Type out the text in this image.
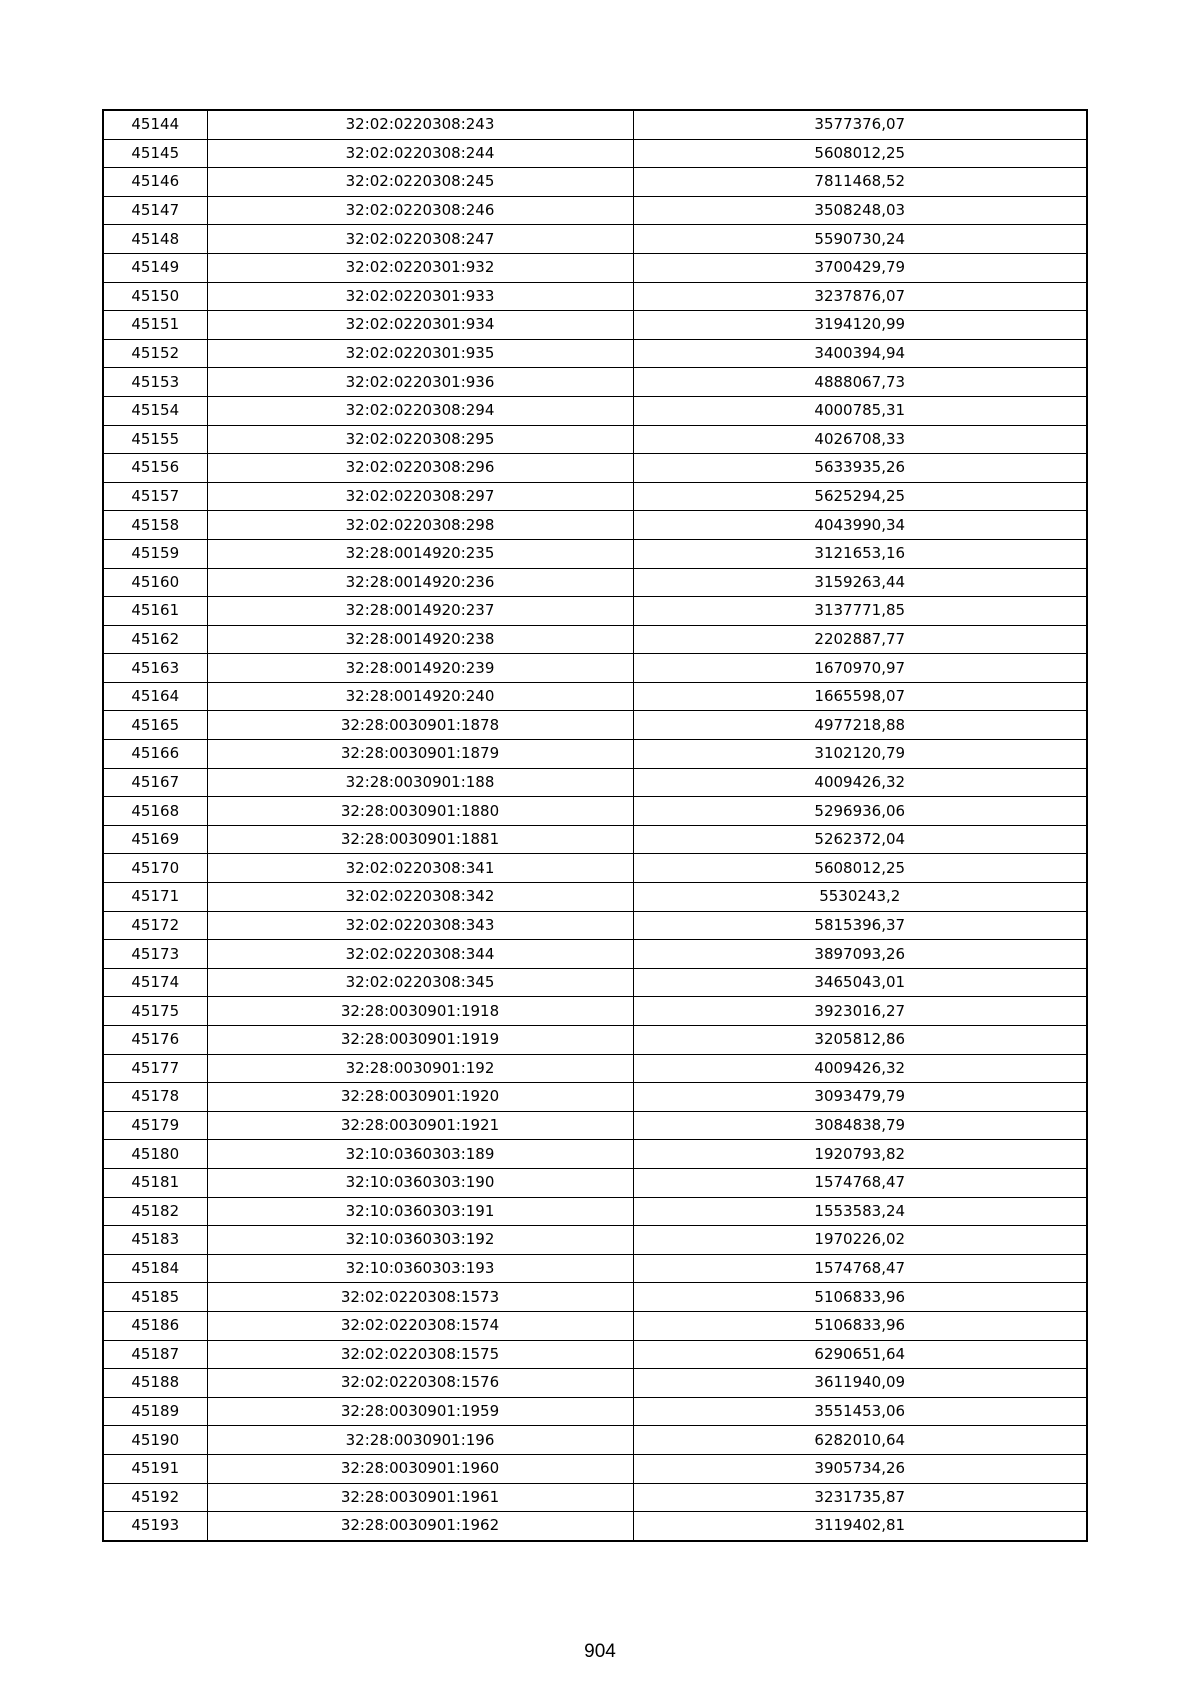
45144	32:02:0220308:243	3577376,07
45145	32:02:0220308:244	5608012,25
45146	32:02:0220308:245	7811468,52
45147	32:02:0220308:246	3508248,03
45148	32:02:0220308:247	5590730,24
45149	32:02:0220301:932	3700429,79
45150	32:02:0220301:933	3237876,07
45151	32:02:0220301:934	3194120,99
45152	32:02:0220301:935	3400394,94
45153	32:02:0220301:936	4888067,73
45154	32:02:0220308:294	4000785,31
45155	32:02:0220308:295	4026708,33
45156	32:02:0220308:296	5633935,26
45157	32:02:0220308:297	5625294,25
45158	32:02:0220308:298	4043990,34
45159	32:28:0014920:235	3121653,16
45160	32:28:0014920:236	3159263,44
45161	32:28:0014920:237	3137771,85
45162	32:28:0014920:238	2202887,77
45163	32:28:0014920:239	1670970,97
45164	32:28:0014920:240	1665598,07
45165	32:28:0030901:1878	4977218,88
45166	32:28:0030901:1879	3102120,79
45167	32:28:0030901:188	4009426,32
45168	32:28:0030901:1880	5296936,06
45169	32:28:0030901:1881	5262372,04
45170	32:02:0220308:341	5608012,25
45171	32:02:0220308:342	5530243,2
45172	32:02:0220308:343	5815396,37
45173	32:02:0220308:344	3897093,26
45174	32:02:0220308:345	3465043,01
45175	32:28:0030901:1918	3923016,27
45176	32:28:0030901:1919	3205812,86
45177	32:28:0030901:192	4009426,32
45178	32:28:0030901:1920	3093479,79
45179	32:28:0030901:1921	3084838,79
45180	32:10:0360303:189	1920793,82
45181	32:10:0360303:190	1574768,47
45182	32:10:0360303:191	1553583,24
45183	32:10:0360303:192	1970226,02
45184	32:10:0360303:193	1574768,47
45185	32:02:0220308:1573	5106833,96
45186	32:02:0220308:1574	5106833,96
45187	32:02:0220308:1575	6290651,64
45188	32:02:0220308:1576	3611940,09
45189	32:28:0030901:1959	3551453,06
45190	32:28:0030901:196	6282010,64
45191	32:28:0030901:1960	3905734,26
45192	32:28:0030901:1961	3231735,87
45193	32:28:0030901:1962	3119402,81
904
